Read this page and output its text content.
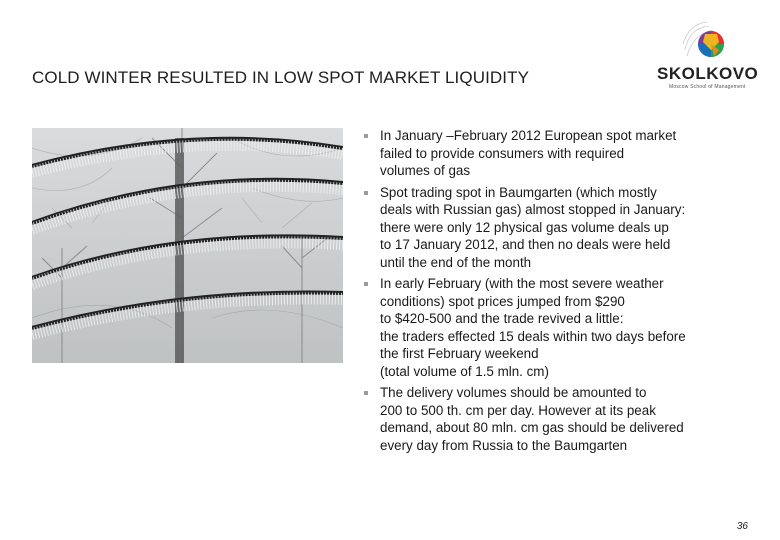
COLD WINTER RESULTED IN LOW SPOT MARKET LIQUIDITY	SKOLKOVO
Moscow School of Management
In January –February 2012 European spot market
failed to provide consumers with required
volumes of gas
Spot trading spot in Baumgarten (which mostly
deals with Russian gas) almost stopped in January:
there were only 12 physical gas volume deals up
to 17 January 2012, and then no deals were held
until the end of the month
In early February (with the most severe weather
conditions) spot prices jumped from $290
to $420-500 and the trade revived a little:
the traders effected 15 deals within two days before
the first February weekend
(total volume of 1.5 mln. cm)
The delivery volumes should be amounted to
200 to 500 th. cm per day. However at its peak
demand, about 80 mln. cm gas should be delivered
every day from Russia to the Baumgarten
36
